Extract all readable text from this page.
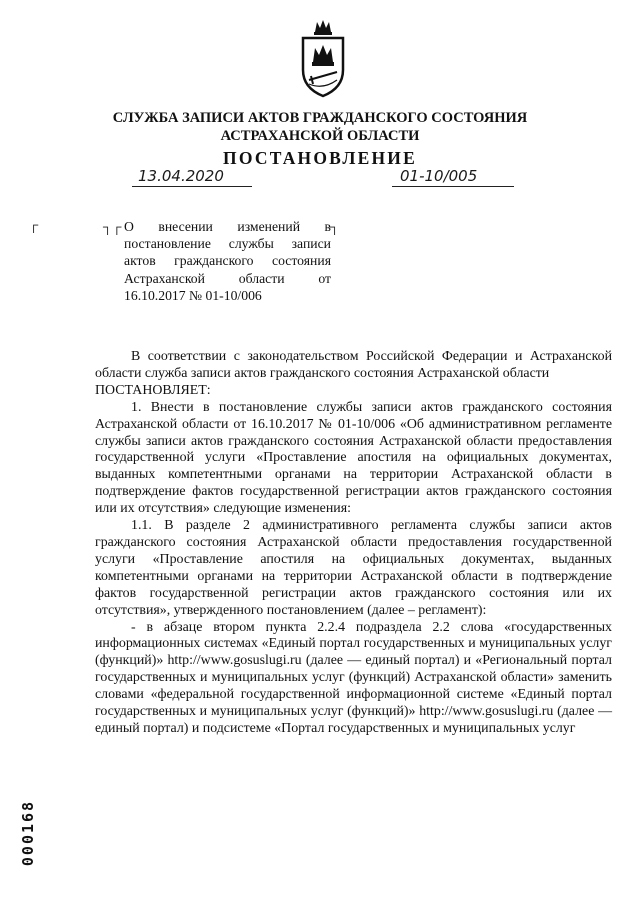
СЛУЖБА ЗАПИСИ АКТОВ ГРАЖДАНСКОГО СОСТОЯНИЯ
АСТРАХАНСКОЙ ОБЛАСТИ
ПОСТАНОВЛЕНИЕ
13.04.2020	01-10/005
┌	┐┌	┐
О внесении изменений в постановление службы записи актов гражданского состояния Астраханской области от 16.10.2017 № 01-10/006

В соответствии с законодательством Российской Федерации и Астраханской области служба записи актов гражданского состояния Астраханской области

ПОСТАНОВЛЯЕТ:

1. Внести в постановление службы записи актов гражданского состояния Астраханской области от 16.10.2017 № 01-10/006 «Об административном регламенте службы записи актов гражданского состояния Астраханской области предоставления государственной услуги «Проставление апостиля на официальных документах, выданных компетентными органами на территории Астраханской области в подтверждение фактов государственной регистрации актов гражданского состояния или их отсутствия» следующие изменения:

1.1. В разделе 2 административного регламента службы записи актов гражданского состояния Астраханской области предоставления государственной услуги «Проставление апостиля на официальных документах, выданных компетентными органами на территории Астраханской области в подтверждение фактов государственной регистрации актов гражданского состояния или их отсутствия», утвержденного постановлением (далее – регламент):

- в абзаце втором пункта 2.2.4 подраздела 2.2 слова «государственных информационных системах «Единый портал государственных и муниципальных услуг (функций)» http://www.gosuslugi.ru (далее — единый портал) и «Региональный портал государственных и муниципальных услуг (функций) Астраханской области» заменить словами «федеральной государственной информационной системе «Единый портал государственных и муниципальных услуг (функций)» http://www.gosuslugi.ru (далее — единый портал) и подсистеме «Портал государственных и муниципальных услуг

000168
